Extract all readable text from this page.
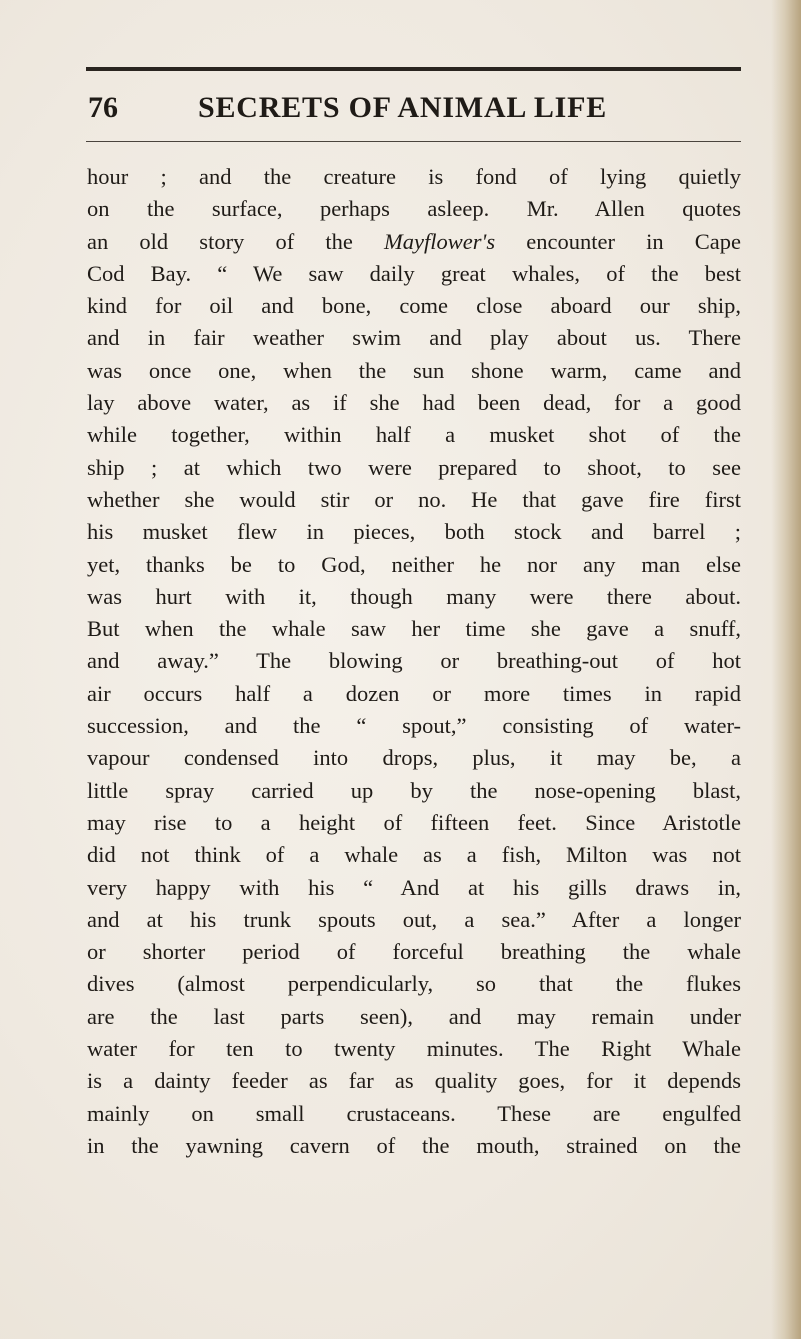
76	SECRETS OF ANIMAL LIFE

hour ; and the creature is fond of lying quietly
on the surface, perhaps asleep. Mr. Allen quotes
an old story of the Mayflower's encounter in Cape
Cod Bay. “ We saw daily great whales, of the best
kind for oil and bone, come close aboard our ship,
and in fair weather swim and play about us. There
was once one, when the sun shone warm, came and
lay above water, as if she had been dead, for a good
while together, within half a musket shot of the
ship ; at which two were prepared to shoot, to see
whether she would stir or no. He that gave fire first
his musket flew in pieces, both stock and barrel ;
yet, thanks be to God, neither he nor any man else
was hurt with it, though many were there about.
But when the whale saw her time she gave a snuff,
and away.” The blowing or breathing-out of hot
air occurs half a dozen or more times in rapid
succession, and the “ spout,” consisting of water-
vapour condensed into drops, plus, it may be, a
little spray carried up by the nose-opening blast,
may rise to a height of fifteen feet. Since Aristotle
did not think of a whale as a fish, Milton was not
very happy with his “ And at his gills draws in,
and at his trunk spouts out, a sea.” After a longer
or shorter period of forceful breathing the whale
dives (almost perpendicularly, so that the flukes
are the last parts seen), and may remain under
water for ten to twenty minutes. The Right Whale
is a dainty feeder as far as quality goes, for it depends
mainly on small crustaceans. These are engulfed
in the yawning cavern of the mouth, strained on the
